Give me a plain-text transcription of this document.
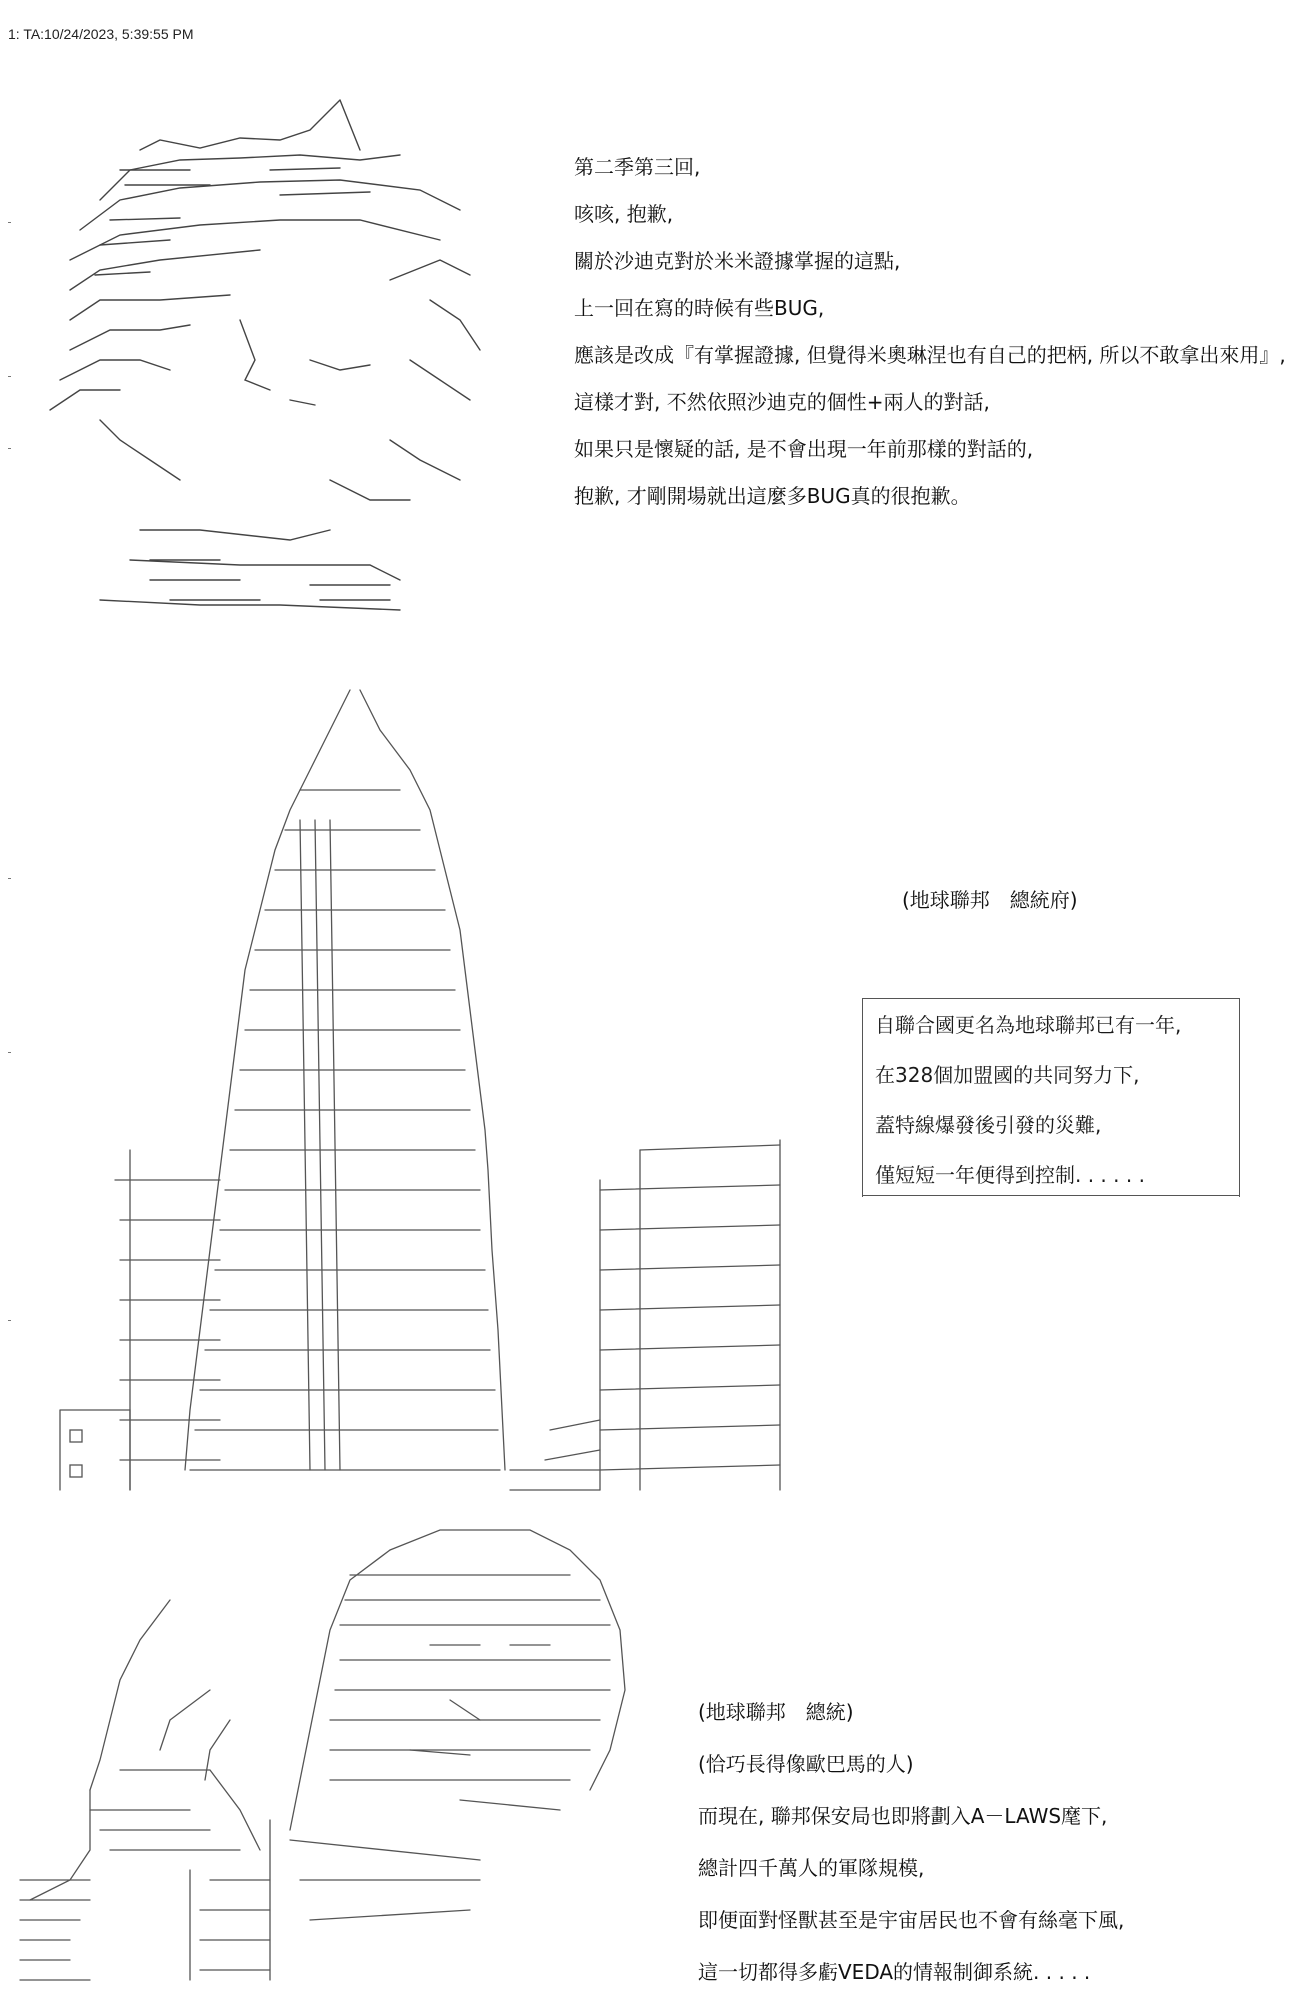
1: TA:10/24/2023, 5:39:55 PM
第二季第三回,
咳咳, 抱歉,
關於沙迪克對於米米證據掌握的這點,
上一回在寫的時候有些BUG,
應該是改成『有掌握證據, 但覺得米奧琳涅也有自己的把柄, 所以不敢拿出來用』,
這樣才對, 不然依照沙迪克的個性+兩人的對話,
如果只是懷疑的話, 是不會出現一年前那樣的對話的,
抱歉, 才剛開場就出這麼多BUG真的很抱歉。
(地球聯邦　總統府)
自聯合國更名為地球聯邦已有一年,
在328個加盟國的共同努力下,
蓋特線爆發後引發的災難,
僅短短一年便得到控制. . . . . .
(地球聯邦　總統)
(恰巧長得像歐巴馬的人)
而現在, 聯邦保安局也即將劃入A－LAWS麾下,
總計四千萬人的軍隊規模,
即便面對怪獸甚至是宇宙居民也不會有絲毫下風,
這一切都得多虧VEDA的情報制御系統. . . . .
